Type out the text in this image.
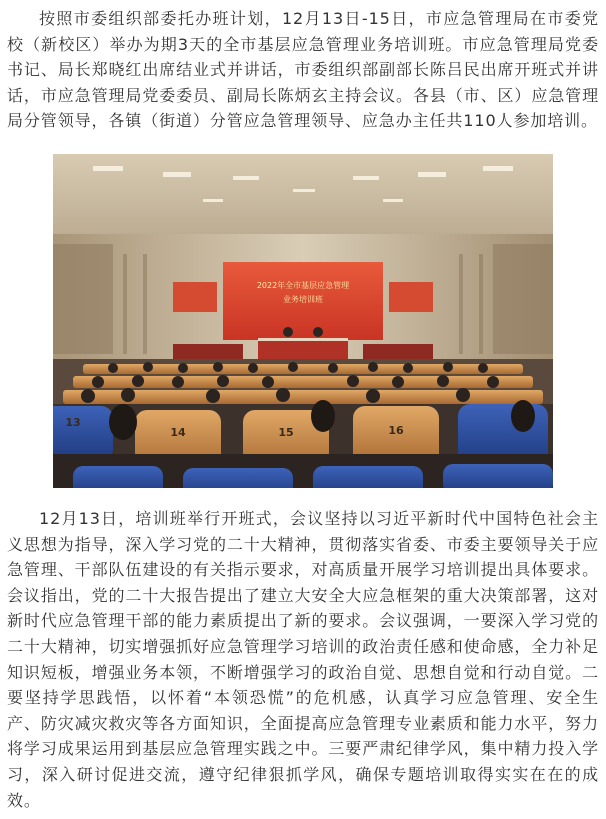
按照市委组织部委托办班计划，12月13日-15日，市应急管理局在市委党校（新校区）举办为期3天的全市基层应急管理业务培训班。市应急管理局党委书记、局长郑晓红出席结业式并讲话，市委组织部副部长陈吕民出席开班式并讲话，市应急管理局党委委员、副局长陈炳玄主持会议。各县（市、区）应急管理局分管领导，各镇（街道）分管应急管理领导、应急办主任共110人参加培训。

2022年全市基层应急管理
业务培训班
13
14	15	16

12月13日，培训班举行开班式，会议坚持以习近平新时代中国特色社会主义思想为指导，深入学习党的二十大精神，贯彻落实省委、市委主要领导关于应急管理、干部队伍建设的有关指示要求，对高质量开展学习培训提出具体要求。会议指出，党的二十大报告提出了建立大安全大应急框架的重大决策部署，这对新时代应急管理干部的能力素质提出了新的要求。会议强调，一要深入学习党的二十大精神，切实增强抓好应急管理学习培训的政治责任感和使命感，全力补足知识短板，增强业务本领，不断增强学习的政治自觉、思想自觉和行动自觉。二要坚持学思践悟，以怀着“本领恐慌”的危机感，认真学习应急管理、安全生产、防灾减灾救灾等各方面知识，全面提高应急管理专业素质和能力水平，努力将学习成果运用到基层应急管理实践之中。三要严肃纪律学风，集中精力投入学习，深入研讨促进交流，遵守纪律狠抓学风，确保专题培训取得实实在在的成效。
